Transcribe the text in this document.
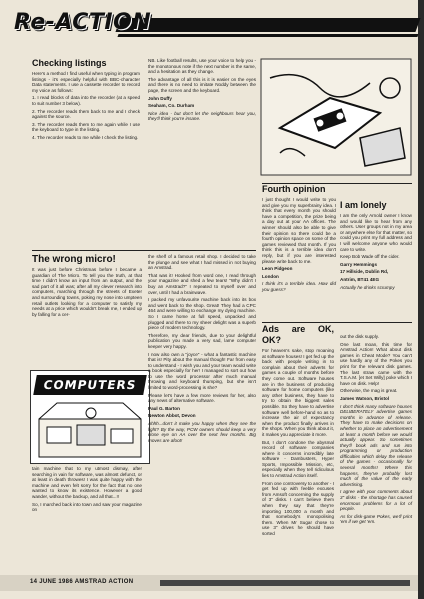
Re-ACTION
Checking listings

Here's a method I find useful when typing in program listings - it's especially helpful with BBC-character Data statements. I use a cassette recorder to record my voice as follows:

1. I read blocks of data into the recorder (at a speed to suit number 3 below).

2. The recorder reads them back to me and I check against the source.

3. The recorder reads them to me again while I use the keyboard to type in the listing.

4. The recorder reads to me while I check the listing.

NB. Like football results, use your voice to help you - the monotonous note if the next number is the same, and a hesitation as they change.

The advantage of all this is it is easier on the eyes and there is no need to imitate Noddy between the page, the screen and the keyboard.

John Duffy

Seaham, Co. Durham

Nice idea - but don't let the neighbours hear you, they'll think you're insane.

Fourth opinion

I just thought I would write to you and give you my superbrainy idea. I think that every month you should have a competition, the prize being a day out at your AA offices. The winner should also be able to give their opinion so there could be a fourth opinion space on some of the games reviewed that month. If you think this is a terrible idea don't reply, but if you are interested please write back to me.

Leon Pidgeon

London

I think it's a terrible idea. How did you guess?

I am lonely

I am the only Arnold owner I know and would like to hear from any others. User groups not in my area or anywhere else for that matter, so could you print my full address and I will welcome anyone who would care to write.

Keep Bob Wade off the cider.

Garry Hemmings

17 Hillside, Dublin Rd,

Antrim, BT41 4EG

Actually he drinks scrumpy

The wrong micro!

It was just before Christmas before I became a guardian of The Micro. To tell you the truth, at that time I didn't know an input from an output, and the sad part of it all was; after all my clever research into computers, marching through the streets of Exeter and surrounding towns, poking my nose into umpteen retail outlets looking for a computer to satisfy my needs at a price which wouldn't break me, I ended up by falling for a cer-

COMPUTERS

tain machine that to my utmost dismay, after searching in vain for software, was almost defunct, or at least in death throwes! I was quite happy with the machine and even felt sorry for the fact that no one wanted to know its existence. However a good wander, without the backup, and all that...!!

So, I marched back into town and saw your magazine on

the shelf of a famous retail shop. I decided to take the plunge and see what I had missed in not buying an Amstrad.

That was it! Hooked from word one, I read through your magazine and shed a few tears! "Why didn't I buy an Amstrad?" I repeated to myself over and over, until I had a brainwave.

I packed my unfavourite machine back into its box and went back to the shop. Great! They had a CPC 464 and were willing to exchange my dying machine. So I came home at full speed, unpacked and plugged and there to my sheer delight was a superb piece of modern technology.

Therefore, my dear friends, due to your delightful publication you made a very sad, lame computer keeper very happy.

I now also own a "joyce" - what a fantastic machine that is! Pity about the manual though! Far from easy to understand - I wish you and your team would write a book especially for her! I managed to sort out how to use the word processor after much manual throwing and keyboard thumping, but she isn't limited to word-processing is she?

Please let's have a few more reviews for her, also any news of alternative software.

Paul G. Barton

Newton Abbot, Devon

Ahhh...don't it make you happy when they see the light? By the way, PCW owners should keep a very close eye on AA over the next few months. Big moves are afoot!

Ads are OK, OK?

For heaven's sake, stop moaning at software houses! I get fed up the back with people writing in to complain about their adverts for games a couple of months before they come out. Software houses are in the business of producing software for home computers (like any other business, they have to try to obtain the biggest sales possible. So they have to advertise software well before-hand so as to increase the air of expectancy when the product finally arrives in the shops. When you think about it, it makes you appreciate it more.

But, I don't condone the abysmal record of software companies where it concerns incredibly late software - Dambusters, Hyper Sports, Impossible Mission, etc, especially when they tell ridiculous lies to Amstrad Action itself.

From one controversy to another - I get fed up with feeble excuses from Amsoft concerning the supply of 3" disks. I can't believe them when they say that they're importing 100,000 a month and that somebody's monopolising them. When Mr Sugar chose to use 3" drives he should have sorted

out the disk supply.

One last moan, this time for Amstrad Action! What about disk games in Cheat Mode? You can't use hardly any of the Pokes you print for the relevant disk games. The last straw came with the T.S.A.M. [et Set Willy] poke which I have on disk. Help!

Otherwise, the mag is great.

James Watson, Bristol

I don't think many software houses DELIBERATELY advertise games months in advance of release. They have to make decisions on whether to place an advertisement at least a month before we would actually appear. So sometimes they'll book ads and run into programming or production difficulties which delay the release of the games - occasionally for several months! Where this happens, they've probably lost much of the value of the early advertising.

I agree with your comments about 3" disks - the shortage has caused enormous problems for a lot of people.

As for disk-game Pokes, we'll print 'em if we get 'em.

14 JUNE 1986 AMSTRAD ACTION
